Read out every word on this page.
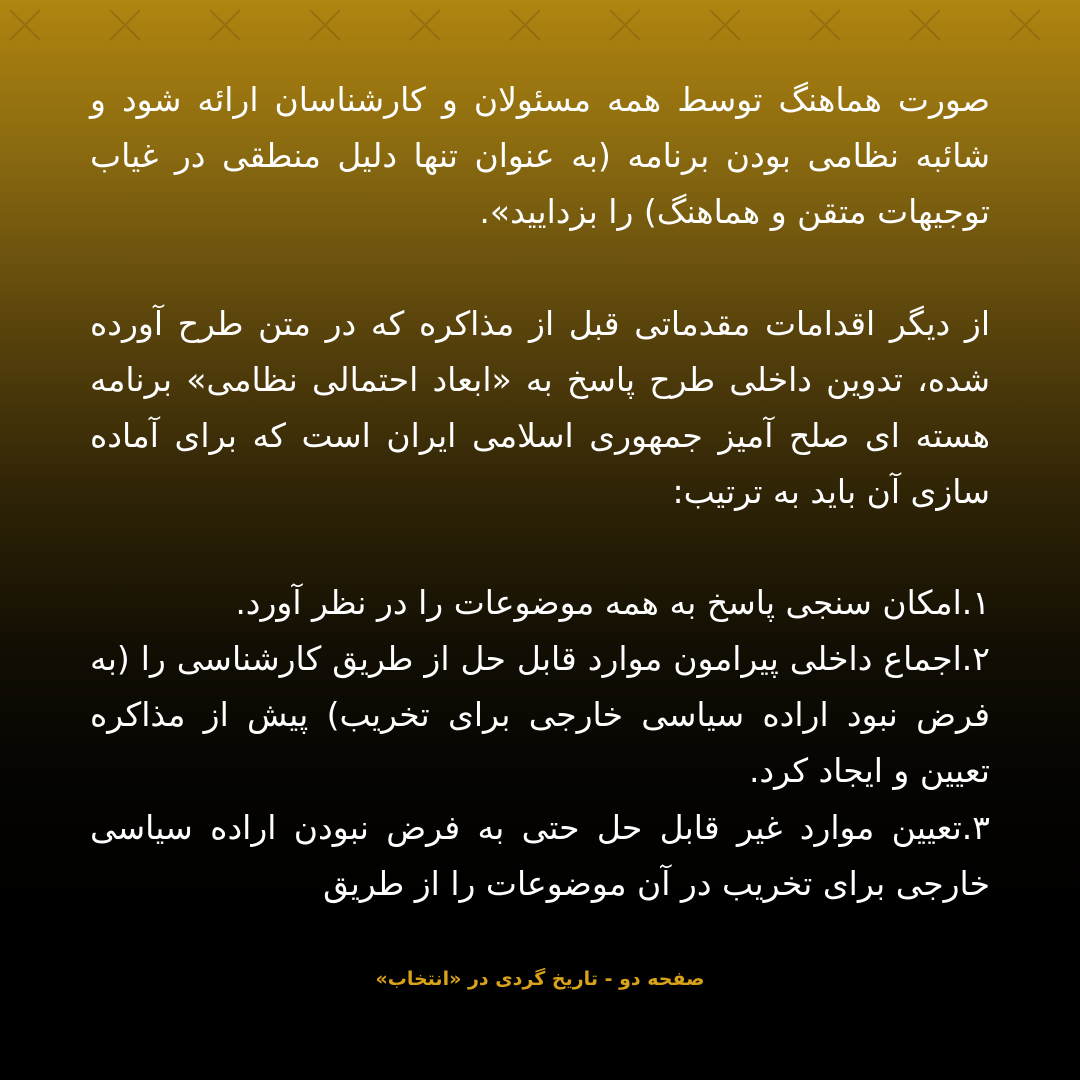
صورت هماهنگ توسط همه مسئولان و کارشناسان ارائه شود و شائبه نظامی بودن برنامه (به عنوان تنها دلیل منطقی در غیاب توجیهات متقن و هماهنگ) را بزدایید».

از دیگر اقدامات مقدماتی قبل از مذاکره که در متن طرح آورده شده، تدوین داخلی طرح پاسخ به «ابعاد احتمالی نظامی» برنامه هسته ای صلح آمیز جمهوری اسلامی ایران است که برای آماده سازی آن باید به ترتیب:

۱.امکان سنجی پاسخ به همه موضوعات را در نظر آورد.

۲.اجماع داخلی پیرامون موارد قابل حل از طریق کارشناسی را (به فرض نبود اراده سیاسی خارجی برای تخریب) پیش از مذاکره تعیین و ایجاد کرد.

۳.تعیین موارد غیر قابل حل حتی به فرض نبودن اراده سیاسی خارجی برای تخریب در آن موضوعات را از طریق

صفحه دو - تاریخ گردی در «انتخاب»
